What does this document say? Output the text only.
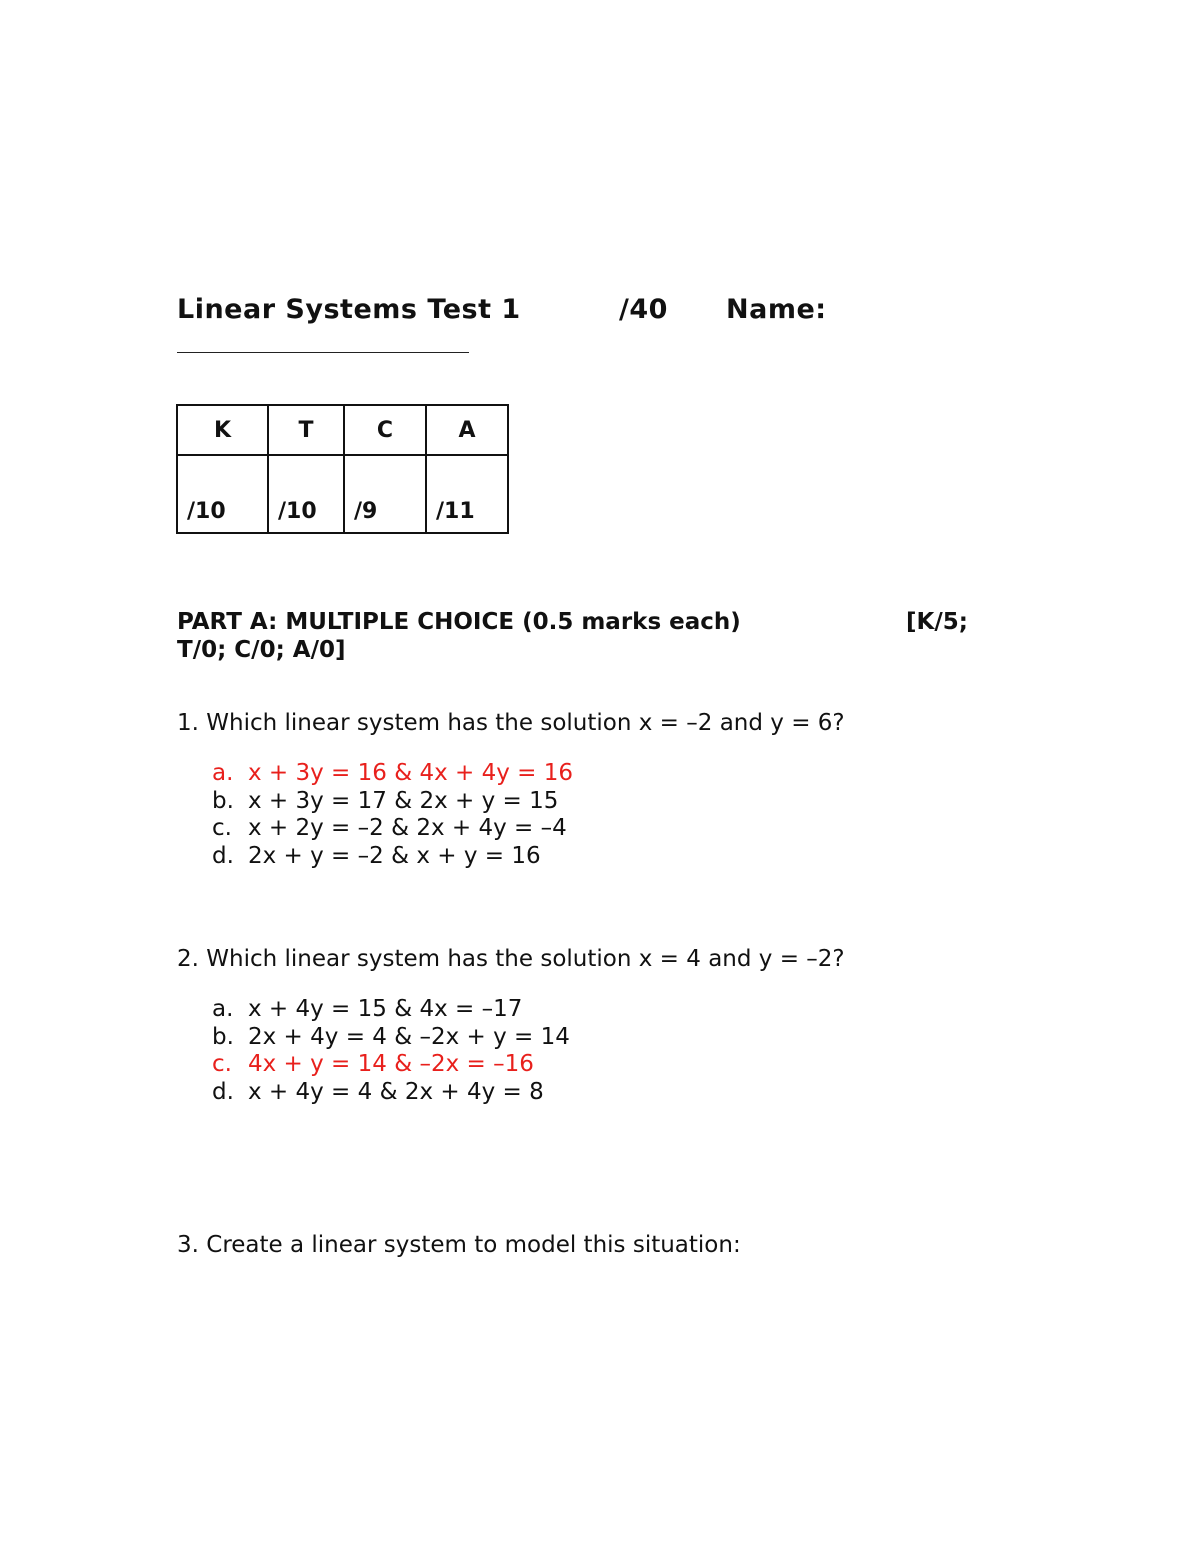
Linear Systems Test 1	/40 Name:
K	T	C	A
/10	/10	/9	/11
PART A: MULTIPLE CHOICE (0.5 marks each)	[K/5;
T/0; C/0; A/0]
1. Which linear system has the solution x = –2 and y = 6?
a. x + 3y = 16 & 4x + 4y = 16
b. x + 3y = 17 & 2x + y = 15
c. x + 2y = –2 & 2x + 4y = –4
d. 2x + y = –2 & x + y = 16
2. Which linear system has the solution x = 4 and y = –2?
a. x + 4y = 15 & 4x = –17
b. 2x + 4y = 4 & –2x + y = 14
c. 4x + y = 14 & –2x = –16
d. x + 4y = 4 & 2x + 4y = 8
3. Create a linear system to model this situation:
